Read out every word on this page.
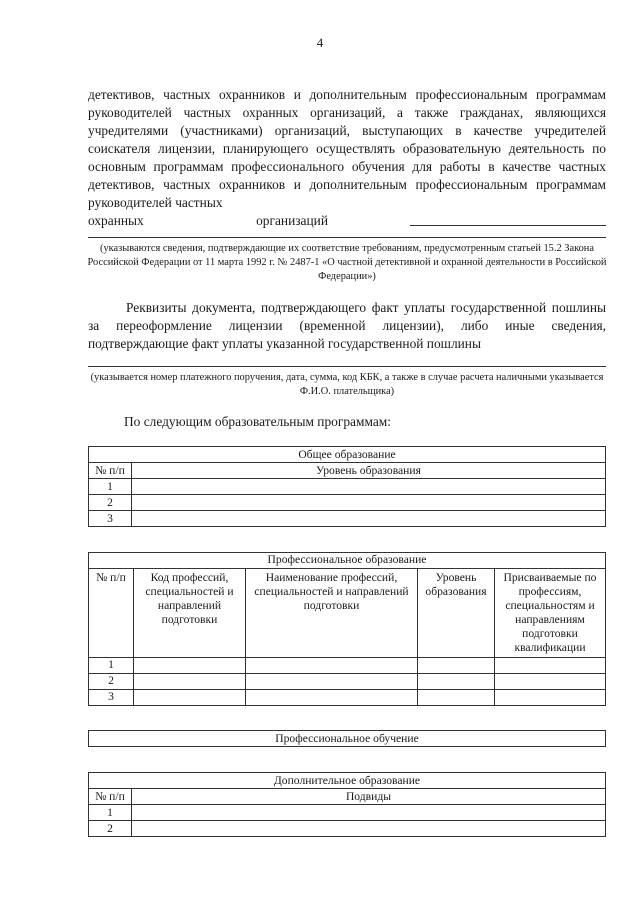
4
детективов, частных охранников и дополнительным профессиональным программам руководителей частных охранных организаций, а также гражданах, являющихся учредителями (участниками) организаций, выступающих в качестве учредителей соискателя лицензии, планирующего осуществлять образовательную деятельность по основным программам профессионального обучения для работы в качестве частных детективов, частных охранников и дополнительным профессиональным программам руководителей частных
охранных организаций
(указываются сведения, подтверждающие их соответствие требованиям, предусмотренным статьей 15.2 Закона Российской Федерации от 11 марта 1992 г. № 2487-1 «О частной детективной и охранной деятельности в Российской Федерации»)
Реквизиты документа, подтверждающего факт уплаты государственной пошлины за переоформление лицензии (временной лицензии), либо иные сведения, подтверждающие факт уплаты указанной государственной пошлины
(указывается номер платежного поручения, дата, сумма, код КБК, а также в случае расчета наличными указывается Ф.И.О. плательщика)
По следующим образовательным программам:
Общее образование	
№ п/п	Уровень образования
1	
2	
3	
Профессиональное образование				
№ п/п	Код профессий, специальностей и направлений подготовки	Наименование профессий, специальностей и направлений подготовки	Уровень образования	Присваиваемые по профессиям, специальностям и направлениям подготовки квалификации
1				
2				
3				
Профессиональное обучение
Дополнительное образование	
№ п/п	Подвиды
1	
2	
